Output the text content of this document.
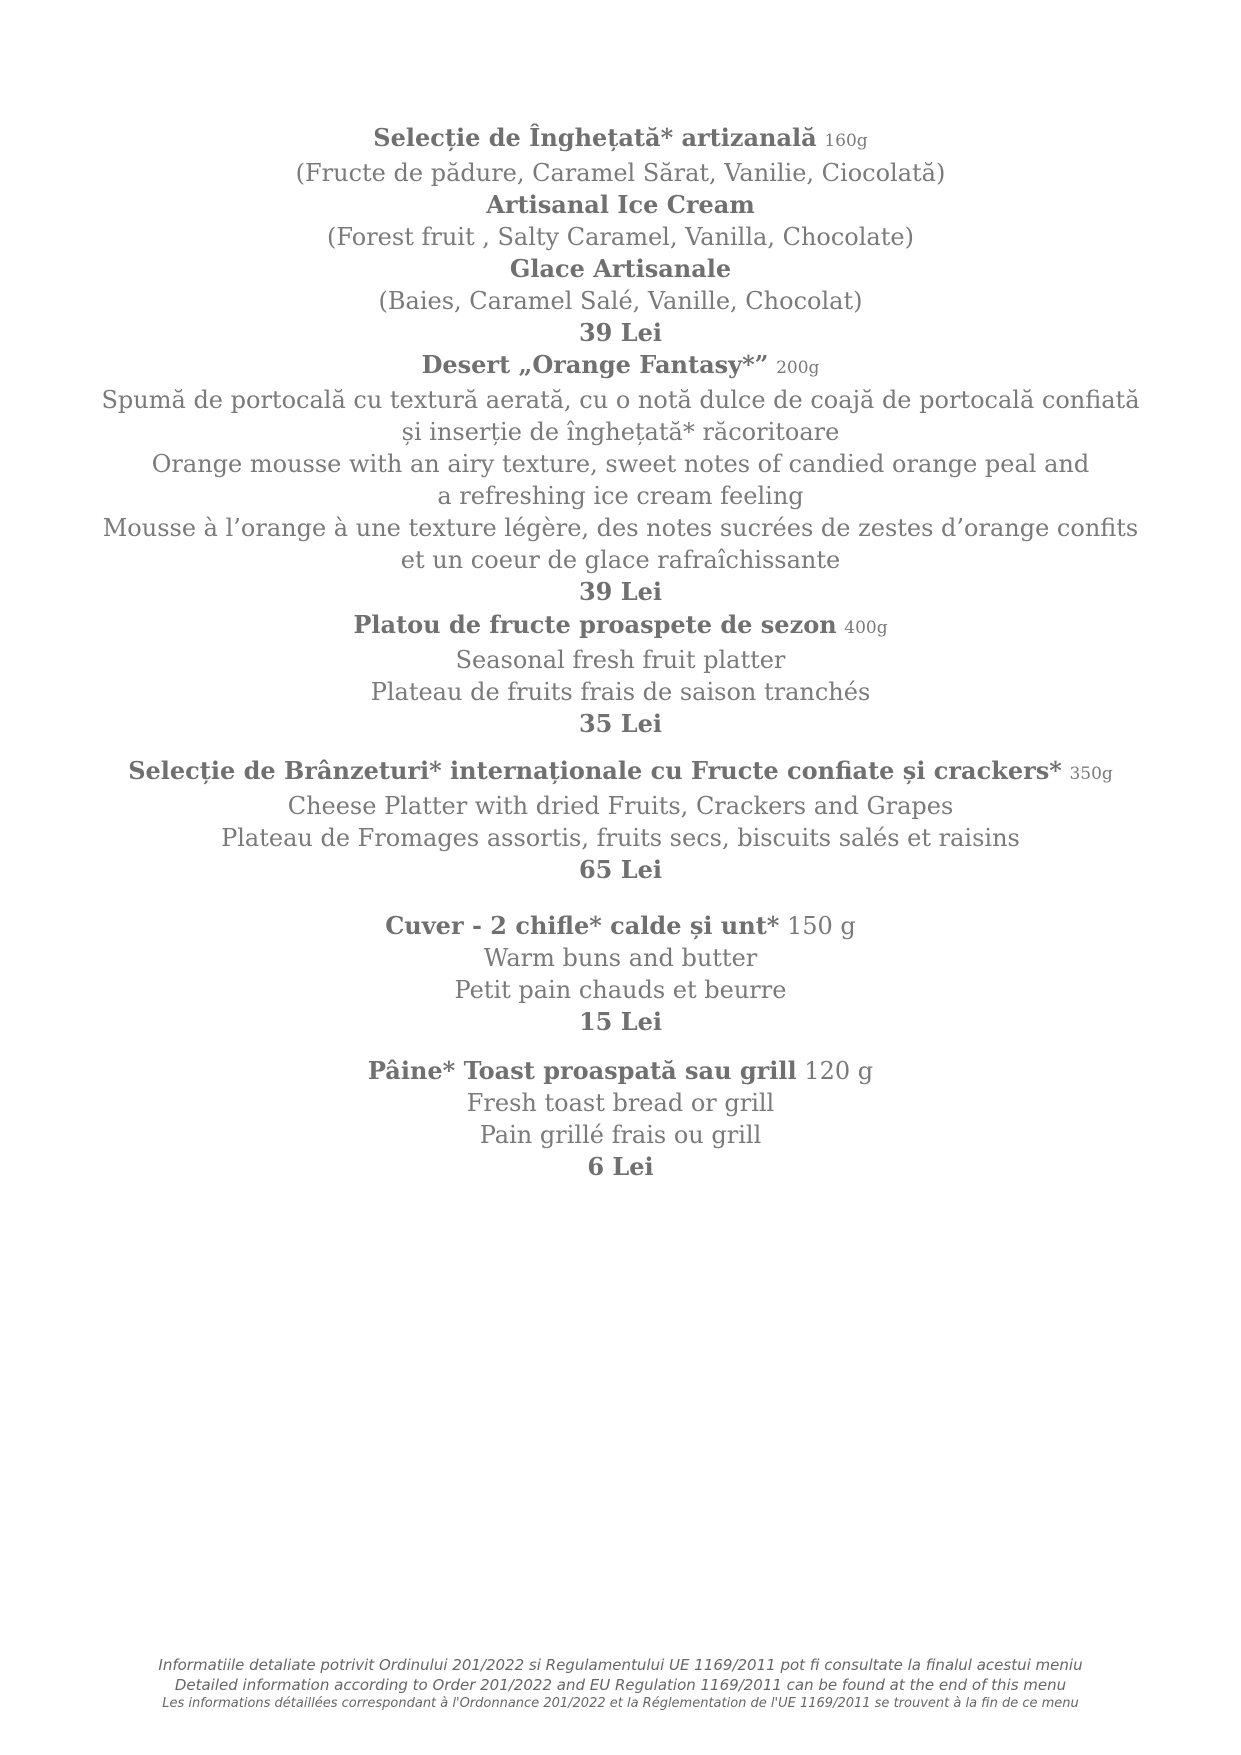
Selecție de Înghețată* artizanală 160g
(Fructe de pădure, Caramel Sărat, Vanilie, Ciocolată)
Artisanal Ice Cream
(Forest fruit , Salty Caramel, Vanilla, Chocolate)
Glace Artisanale
(Baies, Caramel Salé, Vanille, Chocolat)
39 Lei
Desert „Orange Fantasy*” 200g
Spumă de portocală cu textură aerată, cu o notă dulce de coajă de portocală confiată
și inserție de înghețată* răcoritoare
Orange mousse with an airy texture, sweet notes of candied orange peal and
a refreshing ice cream feeling
Mousse à l’orange à une texture légère, des notes sucrées de zestes d’orange confits
et un coeur de glace rafraîchissante
39 Lei
Platou de fructe proaspete de sezon 400g
Seasonal fresh fruit platter
Plateau de fruits frais de saison tranchés
35 Lei
Selecție de Brânzeturi* internaționale cu Fructe confiate și crackers* 350g
Cheese Platter with dried Fruits, Crackers and Grapes
Plateau de Fromages assortis, fruits secs, biscuits salés et raisins
65 Lei
Cuver - 2 chifle* calde și unt* 150 g
Warm buns and butter
Petit pain chauds et beurre
15 Lei
Pâine* Toast proaspată sau grill 120 g
Fresh toast bread or grill
Pain grillé frais ou grill
6 Lei
Informatiile detaliate potrivit Ordinului 201/2022 si Regulamentului UE 1169/2011 pot fi consultate la finalul acestui meniu
Detailed information according to Order 201/2022 and EU Regulation 1169/2011 can be found at the end of this menu
Les informations détaillées correspondant à l'Ordonnance 201/2022 et la Réglementation de l'UE 1169/2011 se trouvent à la fin de ce menu
